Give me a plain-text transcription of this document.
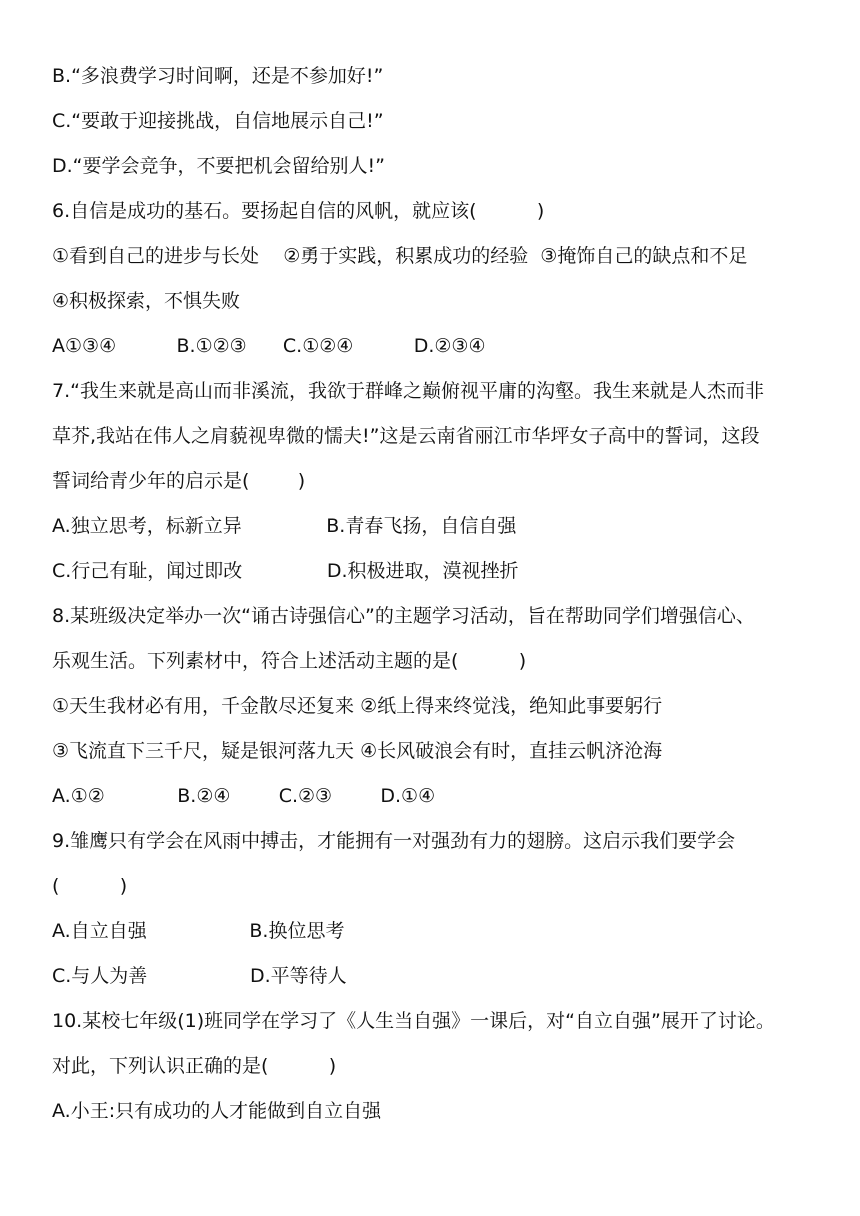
B.“多浪费学习时间啊，还是不参加好!”
C.“要敢于迎接挑战，自信地展示自己!”
D.“要学会竞争，不要把机会留给别人!”
6.自信是成功的基石。要扬起自信的风帆，就应该(          )
①看到自己的进步与长处    ②勇于实践，积累成功的经验  ③掩饰自己的缺点和不足
④积极探索，不惧失败
A①③④          B.①②③      C.①②④          D.②③④
7.“我生来就是高山而非溪流，我欲于群峰之巅俯视平庸的沟壑。我生来就是人杰而非
草芥,我站在伟人之肩藐视卑微的懦夫!”这是云南省丽江市华坪女子高中的誓词，这段
誓词给青少年的启示是(        )
A.独立思考，标新立异              B.青春飞扬，自信自强
C.行己有耻，闻过即改              D.积极进取，漠视挫折
8.某班级决定举办一次“诵古诗强信心”的主题学习活动，旨在帮助同学们增强信心、
乐观生活。下列素材中，符合上述活动主题的是(          )
①天生我材必有用，千金散尽还复来 ②纸上得来终觉浅，绝知此事要躬行
③飞流直下三千尺，疑是银河落九天 ④长风破浪会有时，直挂云帆济沧海
A.①②            B.②④        C.②③        D.①④
9.雏鹰只有学会在风雨中搏击，才能拥有一对强劲有力的翅膀。这启示我们要学会
(          )
A.自立自强                 B.换位思考
C.与人为善                 D.平等待人
10.某校七年级(1)班同学在学习了《人生当自强》一课后，对“自立自强”展开了讨论。
对此，下列认识正确的是(          )
A.小王:只有成功的人才能做到自立自强
